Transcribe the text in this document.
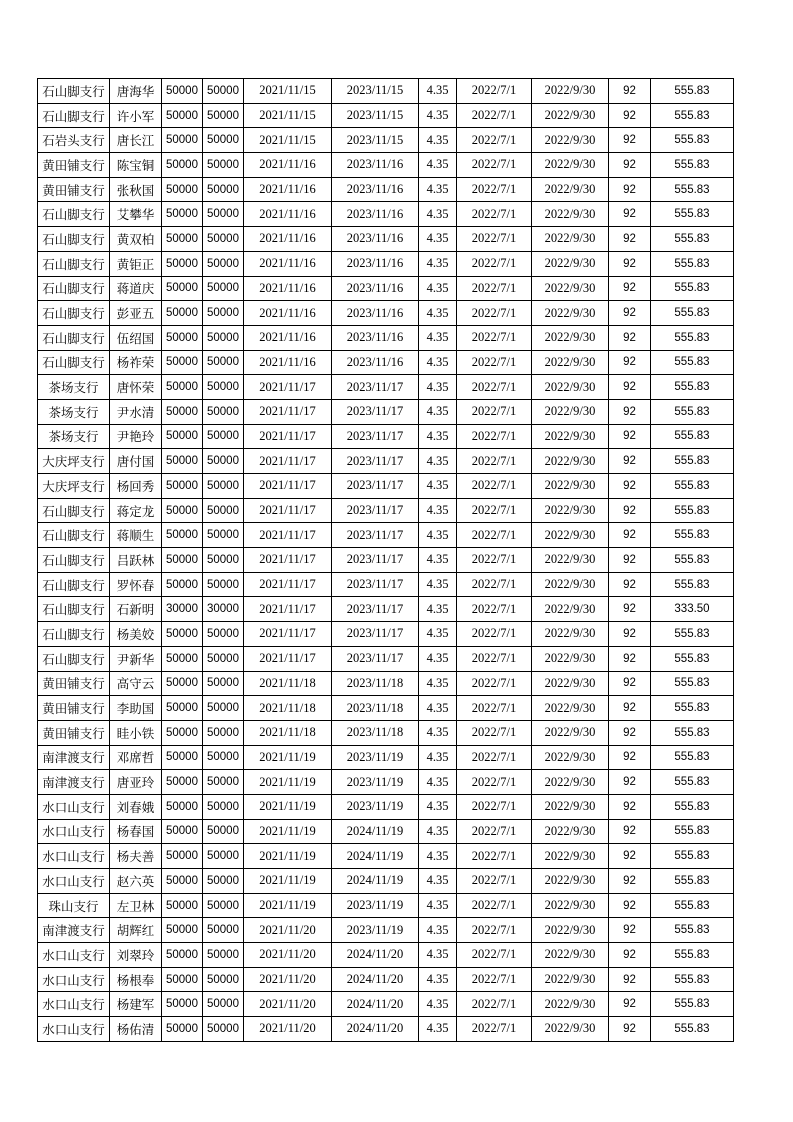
石山脚支行	唐海华	50000	50000	2021/11/15	2023/11/15	4.35	2022/7/1	2022/9/30	92	555.83
石山脚支行	许小军	50000	50000	2021/11/15	2023/11/15	4.35	2022/7/1	2022/9/30	92	555.83
石岩头支行	唐长江	50000	50000	2021/11/15	2023/11/15	4.35	2022/7/1	2022/9/30	92	555.83
黄田铺支行	陈宝铜	50000	50000	2021/11/16	2023/11/16	4.35	2022/7/1	2022/9/30	92	555.83
黄田铺支行	张秋国	50000	50000	2021/11/16	2023/11/16	4.35	2022/7/1	2022/9/30	92	555.83
石山脚支行	艾攀华	50000	50000	2021/11/16	2023/11/16	4.35	2022/7/1	2022/9/30	92	555.83
石山脚支行	黄双柏	50000	50000	2021/11/16	2023/11/16	4.35	2022/7/1	2022/9/30	92	555.83
石山脚支行	黄钜正	50000	50000	2021/11/16	2023/11/16	4.35	2022/7/1	2022/9/30	92	555.83
石山脚支行	蒋道庆	50000	50000	2021/11/16	2023/11/16	4.35	2022/7/1	2022/9/30	92	555.83
石山脚支行	彭亚五	50000	50000	2021/11/16	2023/11/16	4.35	2022/7/1	2022/9/30	92	555.83
石山脚支行	伍绍国	50000	50000	2021/11/16	2023/11/16	4.35	2022/7/1	2022/9/30	92	555.83
石山脚支行	杨祚荣	50000	50000	2021/11/16	2023/11/16	4.35	2022/7/1	2022/9/30	92	555.83
茶场支行	唐怀荣	50000	50000	2021/11/17	2023/11/17	4.35	2022/7/1	2022/9/30	92	555.83
茶场支行	尹水清	50000	50000	2021/11/17	2023/11/17	4.35	2022/7/1	2022/9/30	92	555.83
茶场支行	尹艳玲	50000	50000	2021/11/17	2023/11/17	4.35	2022/7/1	2022/9/30	92	555.83
大庆坪支行	唐付国	50000	50000	2021/11/17	2023/11/17	4.35	2022/7/1	2022/9/30	92	555.83
大庆坪支行	杨回秀	50000	50000	2021/11/17	2023/11/17	4.35	2022/7/1	2022/9/30	92	555.83
石山脚支行	蒋定龙	50000	50000	2021/11/17	2023/11/17	4.35	2022/7/1	2022/9/30	92	555.83
石山脚支行	蒋顺生	50000	50000	2021/11/17	2023/11/17	4.35	2022/7/1	2022/9/30	92	555.83
石山脚支行	吕跃林	50000	50000	2021/11/17	2023/11/17	4.35	2022/7/1	2022/9/30	92	555.83
石山脚支行	罗怀春	50000	50000	2021/11/17	2023/11/17	4.35	2022/7/1	2022/9/30	92	555.83
石山脚支行	石新明	30000	30000	2021/11/17	2023/11/17	4.35	2022/7/1	2022/9/30	92	333.50
石山脚支行	杨美姣	50000	50000	2021/11/17	2023/11/17	4.35	2022/7/1	2022/9/30	92	555.83
石山脚支行	尹新华	50000	50000	2021/11/17	2023/11/17	4.35	2022/7/1	2022/9/30	92	555.83
黄田铺支行	高守云	50000	50000	2021/11/18	2023/11/18	4.35	2022/7/1	2022/9/30	92	555.83
黄田铺支行	李助国	50000	50000	2021/11/18	2023/11/18	4.35	2022/7/1	2022/9/30	92	555.83
黄田铺支行	眭小铁	50000	50000	2021/11/18	2023/11/18	4.35	2022/7/1	2022/9/30	92	555.83
南津渡支行	邓席哲	50000	50000	2021/11/19	2023/11/19	4.35	2022/7/1	2022/9/30	92	555.83
南津渡支行	唐亚玲	50000	50000	2021/11/19	2023/11/19	4.35	2022/7/1	2022/9/30	92	555.83
水口山支行	刘春娥	50000	50000	2021/11/19	2023/11/19	4.35	2022/7/1	2022/9/30	92	555.83
水口山支行	杨春国	50000	50000	2021/11/19	2024/11/19	4.35	2022/7/1	2022/9/30	92	555.83
水口山支行	杨夫善	50000	50000	2021/11/19	2024/11/19	4.35	2022/7/1	2022/9/30	92	555.83
水口山支行	赵六英	50000	50000	2021/11/19	2024/11/19	4.35	2022/7/1	2022/9/30	92	555.83
珠山支行	左卫林	50000	50000	2021/11/19	2023/11/19	4.35	2022/7/1	2022/9/30	92	555.83
南津渡支行	胡辉红	50000	50000	2021/11/20	2023/11/19	4.35	2022/7/1	2022/9/30	92	555.83
水口山支行	刘翠玲	50000	50000	2021/11/20	2024/11/20	4.35	2022/7/1	2022/9/30	92	555.83
水口山支行	杨根奉	50000	50000	2021/11/20	2024/11/20	4.35	2022/7/1	2022/9/30	92	555.83
水口山支行	杨建军	50000	50000	2021/11/20	2024/11/20	4.35	2022/7/1	2022/9/30	92	555.83
水口山支行	杨佑清	50000	50000	2021/11/20	2024/11/20	4.35	2022/7/1	2022/9/30	92	555.83
